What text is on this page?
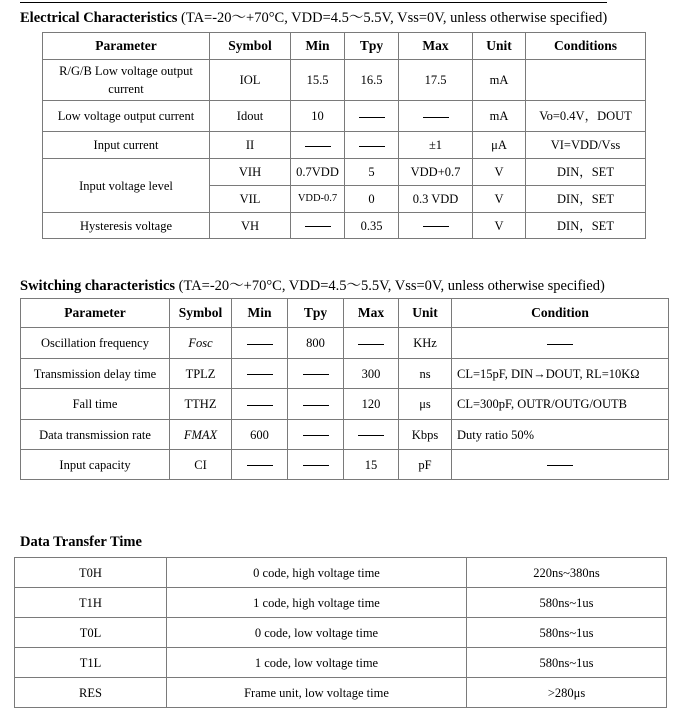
Electrical Characteristics (TA=-20～+70°C, VDD=4.5～5.5V, Vss=0V, unless otherwise specified)
Parameter	Symbol	Min	Tpy	Max	Unit	Conditions
R/G/B Low voltage output current	IOL	15.5	16.5	17.5	mA	
Low voltage output current	Idout	10			mA	Vo=0.4V，DOUT
Input current	II			±1	μA	VI=VDD/Vss
Input voltage level	VIH	0.7VDD	5	VDD+0.7	V	DIN，SET
	VIL	VDD-0.7	0	0.3 VDD	V	DIN，SET
Hysteresis voltage	VH		0.35		V	DIN，SET
Switching characteristics (TA=-20～+70°C, VDD=4.5～5.5V, Vss=0V, unless otherwise specified)
Parameter	Symbol	Min	Tpy	Max	Unit	Condition
Oscillation frequency	Fosc		800		KHz	
Transmission delay time	TPLZ			300	ns	CL=15pF, DIN→DOUT, RL=10KΩ
Fall time	TTHZ			120	μs	CL=300pF, OUTR/OUTG/OUTB
Data transmission rate	FMAX	600			Kbps	Duty ratio 50%
Input capacity	CI			15	pF	
Data Transfer Time
T0H	0 code, high voltage time	220ns~380ns
T1H	1 code, high voltage time	580ns~1us
T0L	0 code, low voltage time	580ns~1us
T1L	1 code, low voltage time	580ns~1us
RES	Frame unit, low voltage time	>280μs
